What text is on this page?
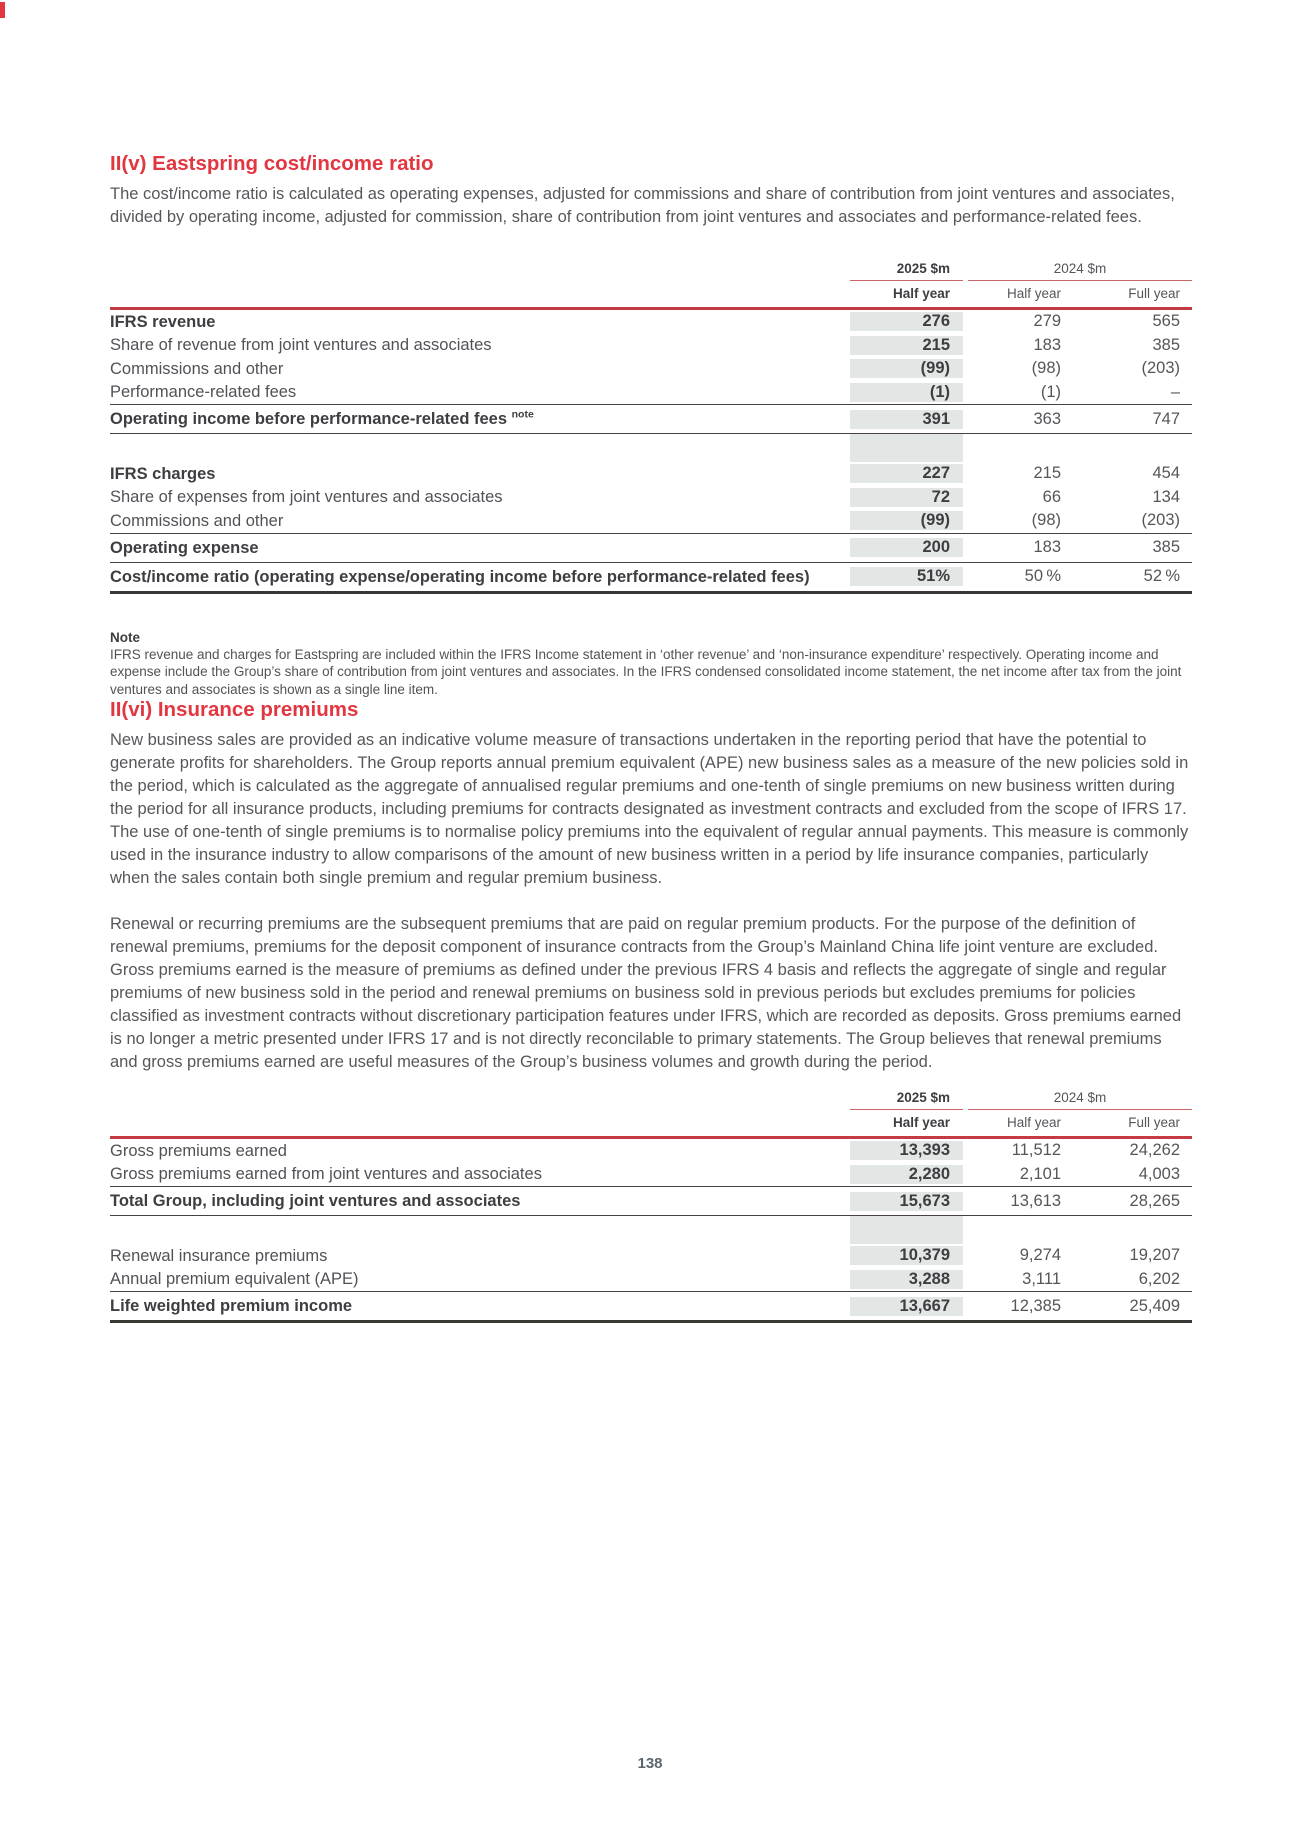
II(v) Eastspring cost/income ratio

The cost/income ratio is calculated as operating expenses, adjusted for commissions and share of contribution from joint ventures and associates, divided by operating income, adjusted for commission, share of contribution from joint ventures and associates and performance-related fees.

2025 $m	2024 $m
Half year	Half year	Full year
IFRS revenue	276	279	565
Share of revenue from joint ventures and associates	215	183	385
Commissions and other	(99)	(98)	(203)
Performance-related fees	(1)	(1)	–
Operating income before performance-related fees $^{note}$	391	363	747
IFRS charges	227	215	454
Share of expenses from joint ventures and associates	72	66	134
Commissions and other	(99)	(98)	(203)
Operating expense	200	183	385
Cost/income ratio (operating expense/operating income before performance-related fees)	51%	50 %	52 %

Note

IFRS revenue and charges for Eastspring are included within the IFRS Income statement in ‘other revenue’ and ‘non-insurance expenditure’ respectively. Operating income and expense include the Group’s share of contribution from joint ventures and associates. In the IFRS condensed consolidated income statement, the net income after tax from the joint ventures and associates is shown as a single line item.

II(vi) Insurance premiums

New business sales are provided as an indicative volume measure of transactions undertaken in the reporting period that have the potential to generate profits for shareholders. The Group reports annual premium equivalent (APE) new business sales as a measure of the new policies sold in the period, which is calculated as the aggregate of annualised regular premiums and one-tenth of single premiums on new business written during the period for all insurance products, including premiums for contracts designated as investment contracts and excluded from the scope of IFRS 17. The use of one-tenth of single premiums is to normalise policy premiums into the equivalent of regular annual payments. This measure is commonly used in the insurance industry to allow comparisons of the amount of new business written in a period by life insurance companies, particularly when the sales contain both single premium and regular premium business.

Renewal or recurring premiums are the subsequent premiums that are paid on regular premium products. For the purpose of the definition of renewal premiums, premiums for the deposit component of insurance contracts from the Group’s Mainland China life joint venture are excluded. Gross premiums earned is the measure of premiums as defined under the previous IFRS 4 basis and reflects the aggregate of single and regular premiums of new business sold in the period and renewal premiums on business sold in previous periods but excludes premiums for policies classified as investment contracts without discretionary participation features under IFRS, which are recorded as deposits. Gross premiums earned is no longer a metric presented under IFRS 17 and is not directly reconcilable to primary statements. The Group believes that renewal premiums and gross premiums earned are useful measures of the Group’s business volumes and growth during the period.

2025 $m	2024 $m
Half year	Half year	Full year
Gross premiums earned	13,393	11,512	24,262
Gross premiums earned from joint ventures and associates	2,280	2,101	4,003
Total Group, including joint ventures and associates	15,673	13,613	28,265
Renewal insurance premiums	10,379	9,274	19,207
Annual premium equivalent (APE)	3,288	3,111	6,202
Life weighted premium income	13,667	12,385	25,409
138
